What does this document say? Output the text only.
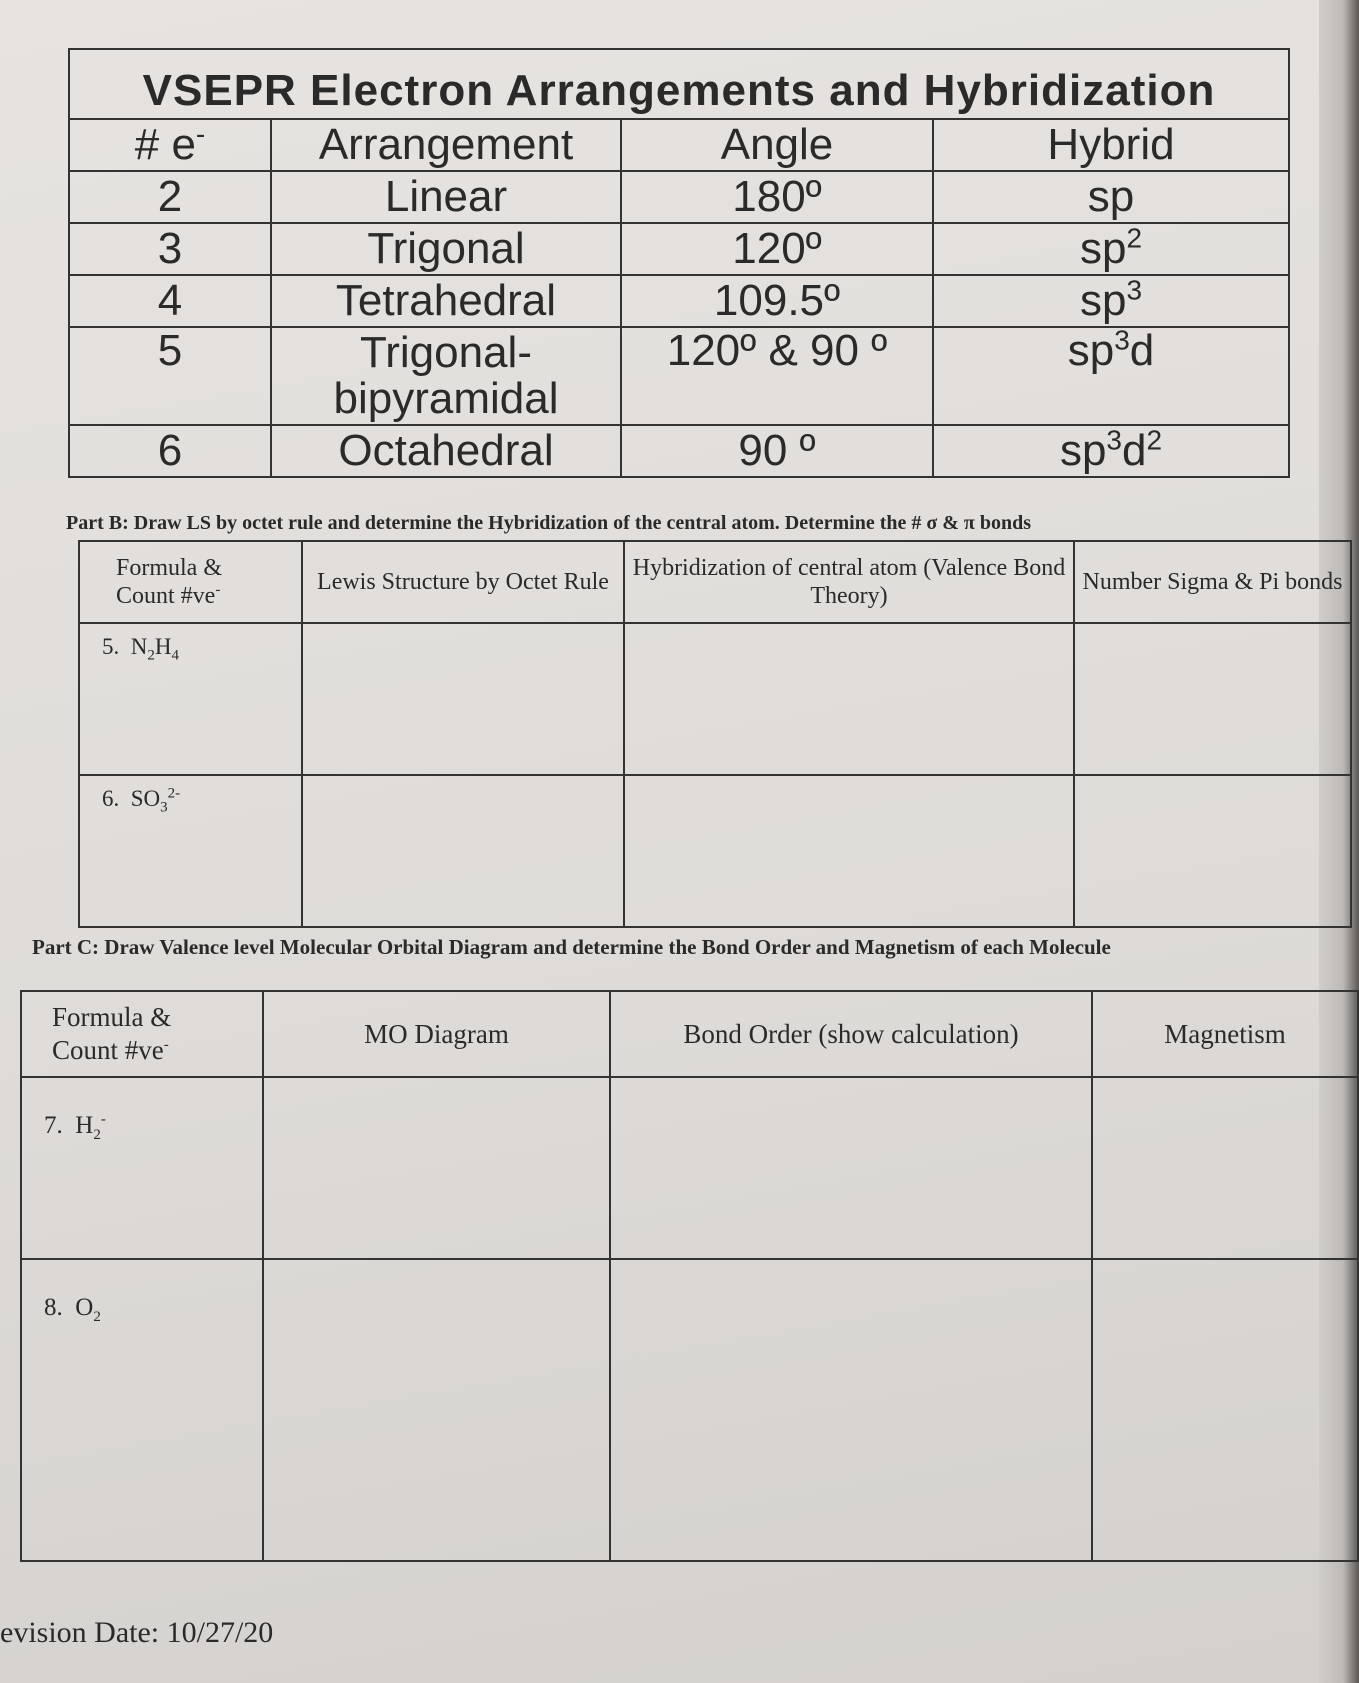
VSEPR Electron Arrangements and Hybridization			
# e-	Arrangement	Angle	Hybrid
2	Linear	180º	sp
3	Trigonal	120º	$sp^2$
4	Tetrahedral	109.5º	$sp^3$
5	Trigonal-bipyramidal	120º & 90 º	$sp^3d$
6	Octahedral	90 º	$sp^3d^2$
Part B: Draw LS by octet rule and determine the Hybridization of the central atom. Determine the # σ & π bonds
Formula &
Count #ve-	Lewis Structure by Octet Rule	Hybridization of central atom (Valence Bond Theory)	Number Sigma & Pi bonds

5. $N_2H_4$

6. $SO_3^{2-}$

Part C: Draw Valence level Molecular Orbital Diagram and determine the Bond Order and Magnetism of each Molecule
Formula &
Count #ve-	MO Diagram	Bond Order (show calculation)	Magnetism

7. $H_2^-$

8. $O_2$

evision Date: 10/27/20
